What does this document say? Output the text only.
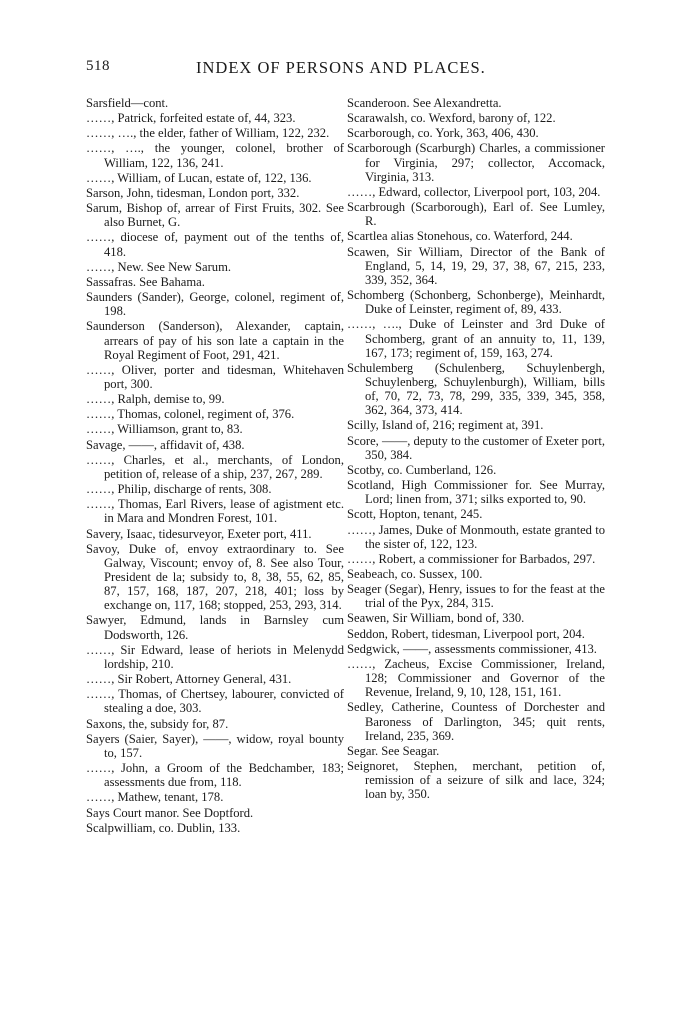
518	INDEX OF PERSONS AND PLACES.
Sarsfield—cont.
……, Patrick, forfeited estate of, 44, 323.
……, …., the elder, father of William, 122, 232.
……, …., the younger, colonel, brother of William, 122, 136, 241.
……, William, of Lucan, estate of, 122, 136.
Sarson, John, tidesman, London port, 332.
Sarum, Bishop of, arrear of First Fruits, 302. See also Burnet, G.
……, diocese of, payment out of the tenths of, 418.
……, New. See New Sarum.
Sassafras. See Bahama.
Saunders (Sander), George, colonel, regiment of, 198.
Saunderson (Sanderson), Alexander, captain, arrears of pay of his son late a captain in the Royal Regiment of Foot, 291, 421.
……, Oliver, porter and tidesman, Whitehaven port, 300.
……, Ralph, demise to, 99.
……, Thomas, colonel, regiment of, 376.
……, Williamson, grant to, 83.
Savage, ——, affidavit of, 438.
……, Charles, et al., merchants, of London, petition of, release of a ship, 237, 267, 289.
……, Philip, discharge of rents, 308.
……, Thomas, Earl Rivers, lease of agistment etc. in Mara and Mondren Forest, 101.
Savery, Isaac, tidesurveyor, Exeter port, 411.
Savoy, Duke of, envoy extraordinary to. See Galway, Viscount; envoy of, 8. See also Tour, President de la; subsidy to, 8, 38, 55, 62, 85, 87, 157, 168, 187, 207, 218, 401; loss by exchange on, 117, 168; stopped, 253, 293, 314.
Sawyer, Edmund, lands in Barnsley cum Dodsworth, 126.
……, Sir Edward, lease of heriots in Melenydd lordship, 210.
……, Sir Robert, Attorney General, 431.
……, Thomas, of Chertsey, labourer, convicted of stealing a doe, 303.
Saxons, the, subsidy for, 87.
Sayers (Saier, Sayer), ——, widow, royal bounty to, 157.
……, John, a Groom of the Bedchamber, 183; assessments due from, 118.
……, Mathew, tenant, 178.
Says Court manor. See Doptford.
Scalpwilliam, co. Dublin, 133.
Scanderoon. See Alexandretta.
Scarawalsh, co. Wexford, barony of, 122.
Scarborough, co. York, 363, 406, 430.
Scarborough (Scarburgh) Charles, a commissioner for Virginia, 297; collector, Accomack, Virginia, 313.
……, Edward, collector, Liverpool port, 103, 204.
Scarbrough (Scarborough), Earl of. See Lumley, R.
Scartlea alias Stonehous, co. Waterford, 244.
Scawen, Sir William, Director of the Bank of England, 5, 14, 19, 29, 37, 38, 67, 215, 233, 339, 352, 364.
Schomberg (Schonberg, Schonberge), Meinhardt, Duke of Leinster, regiment of, 89, 433.
……, …., Duke of Leinster and 3rd Duke of Schomberg, grant of an annuity to, 11, 139, 167, 173; regiment of, 159, 163, 274.
Schulemberg (Schulenberg, Schuylenbergh, Schuylenberg, Schuylenburgh), William, bills of, 70, 72, 73, 78, 299, 335, 339, 345, 358, 362, 364, 373, 414.
Scilly, Island of, 216; regiment at, 391.
Score, ——, deputy to the customer of Exeter port, 350, 384.
Scotby, co. Cumberland, 126.
Scotland, High Commissioner for. See Murray, Lord; linen from, 371; silks exported to, 90.
Scott, Hopton, tenant, 245.
……, James, Duke of Monmouth, estate granted to the sister of, 122, 123.
……, Robert, a commissioner for Barbados, 297.
Seabeach, co. Sussex, 100.
Seager (Segar), Henry, issues to for the feast at the trial of the Pyx, 284, 315.
Seawen, Sir William, bond of, 330.
Seddon, Robert, tidesman, Liverpool port, 204.
Sedgwick, ——, assessments commissioner, 413.
……, Zacheus, Excise Commissioner, Ireland, 128; Commissioner and Governor of the Revenue, Ireland, 9, 10, 128, 151, 161.
Sedley, Catherine, Countess of Dorchester and Baroness of Darlington, 345; quit rents, Ireland, 235, 369.
Segar. See Seagar.
Seignoret, Stephen, merchant, petition of, remission of a seizure of silk and lace, 324; loan by, 350.
